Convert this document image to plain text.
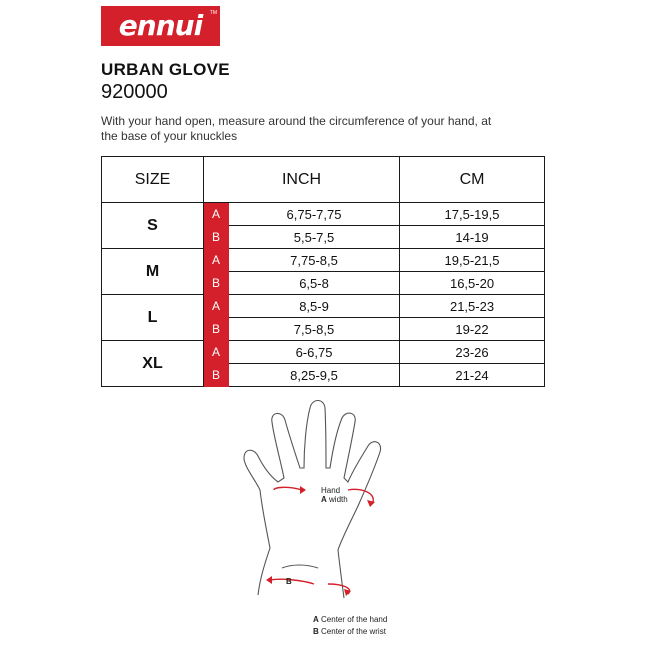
ennui TM
URBAN GLOVE
920000
With your hand open, measure around the circumference of your hand, at the base of your knuckles
SIZE	INCH		CM
S	A	6,75-7,75	17,5-19,5
	B	5,5-7,5	14-19
M	A	7,75-8,5	19,5-21,5
	B	6,5-8	16,5-20
L	A	8,5-9	21,5-23
	B	7,5-8,5	19-22
XL	A	6-6,75	23-26
	B	8,25-9,5	21-24
Hand
A width
B
A Center of the hand
B Center of the wrist
